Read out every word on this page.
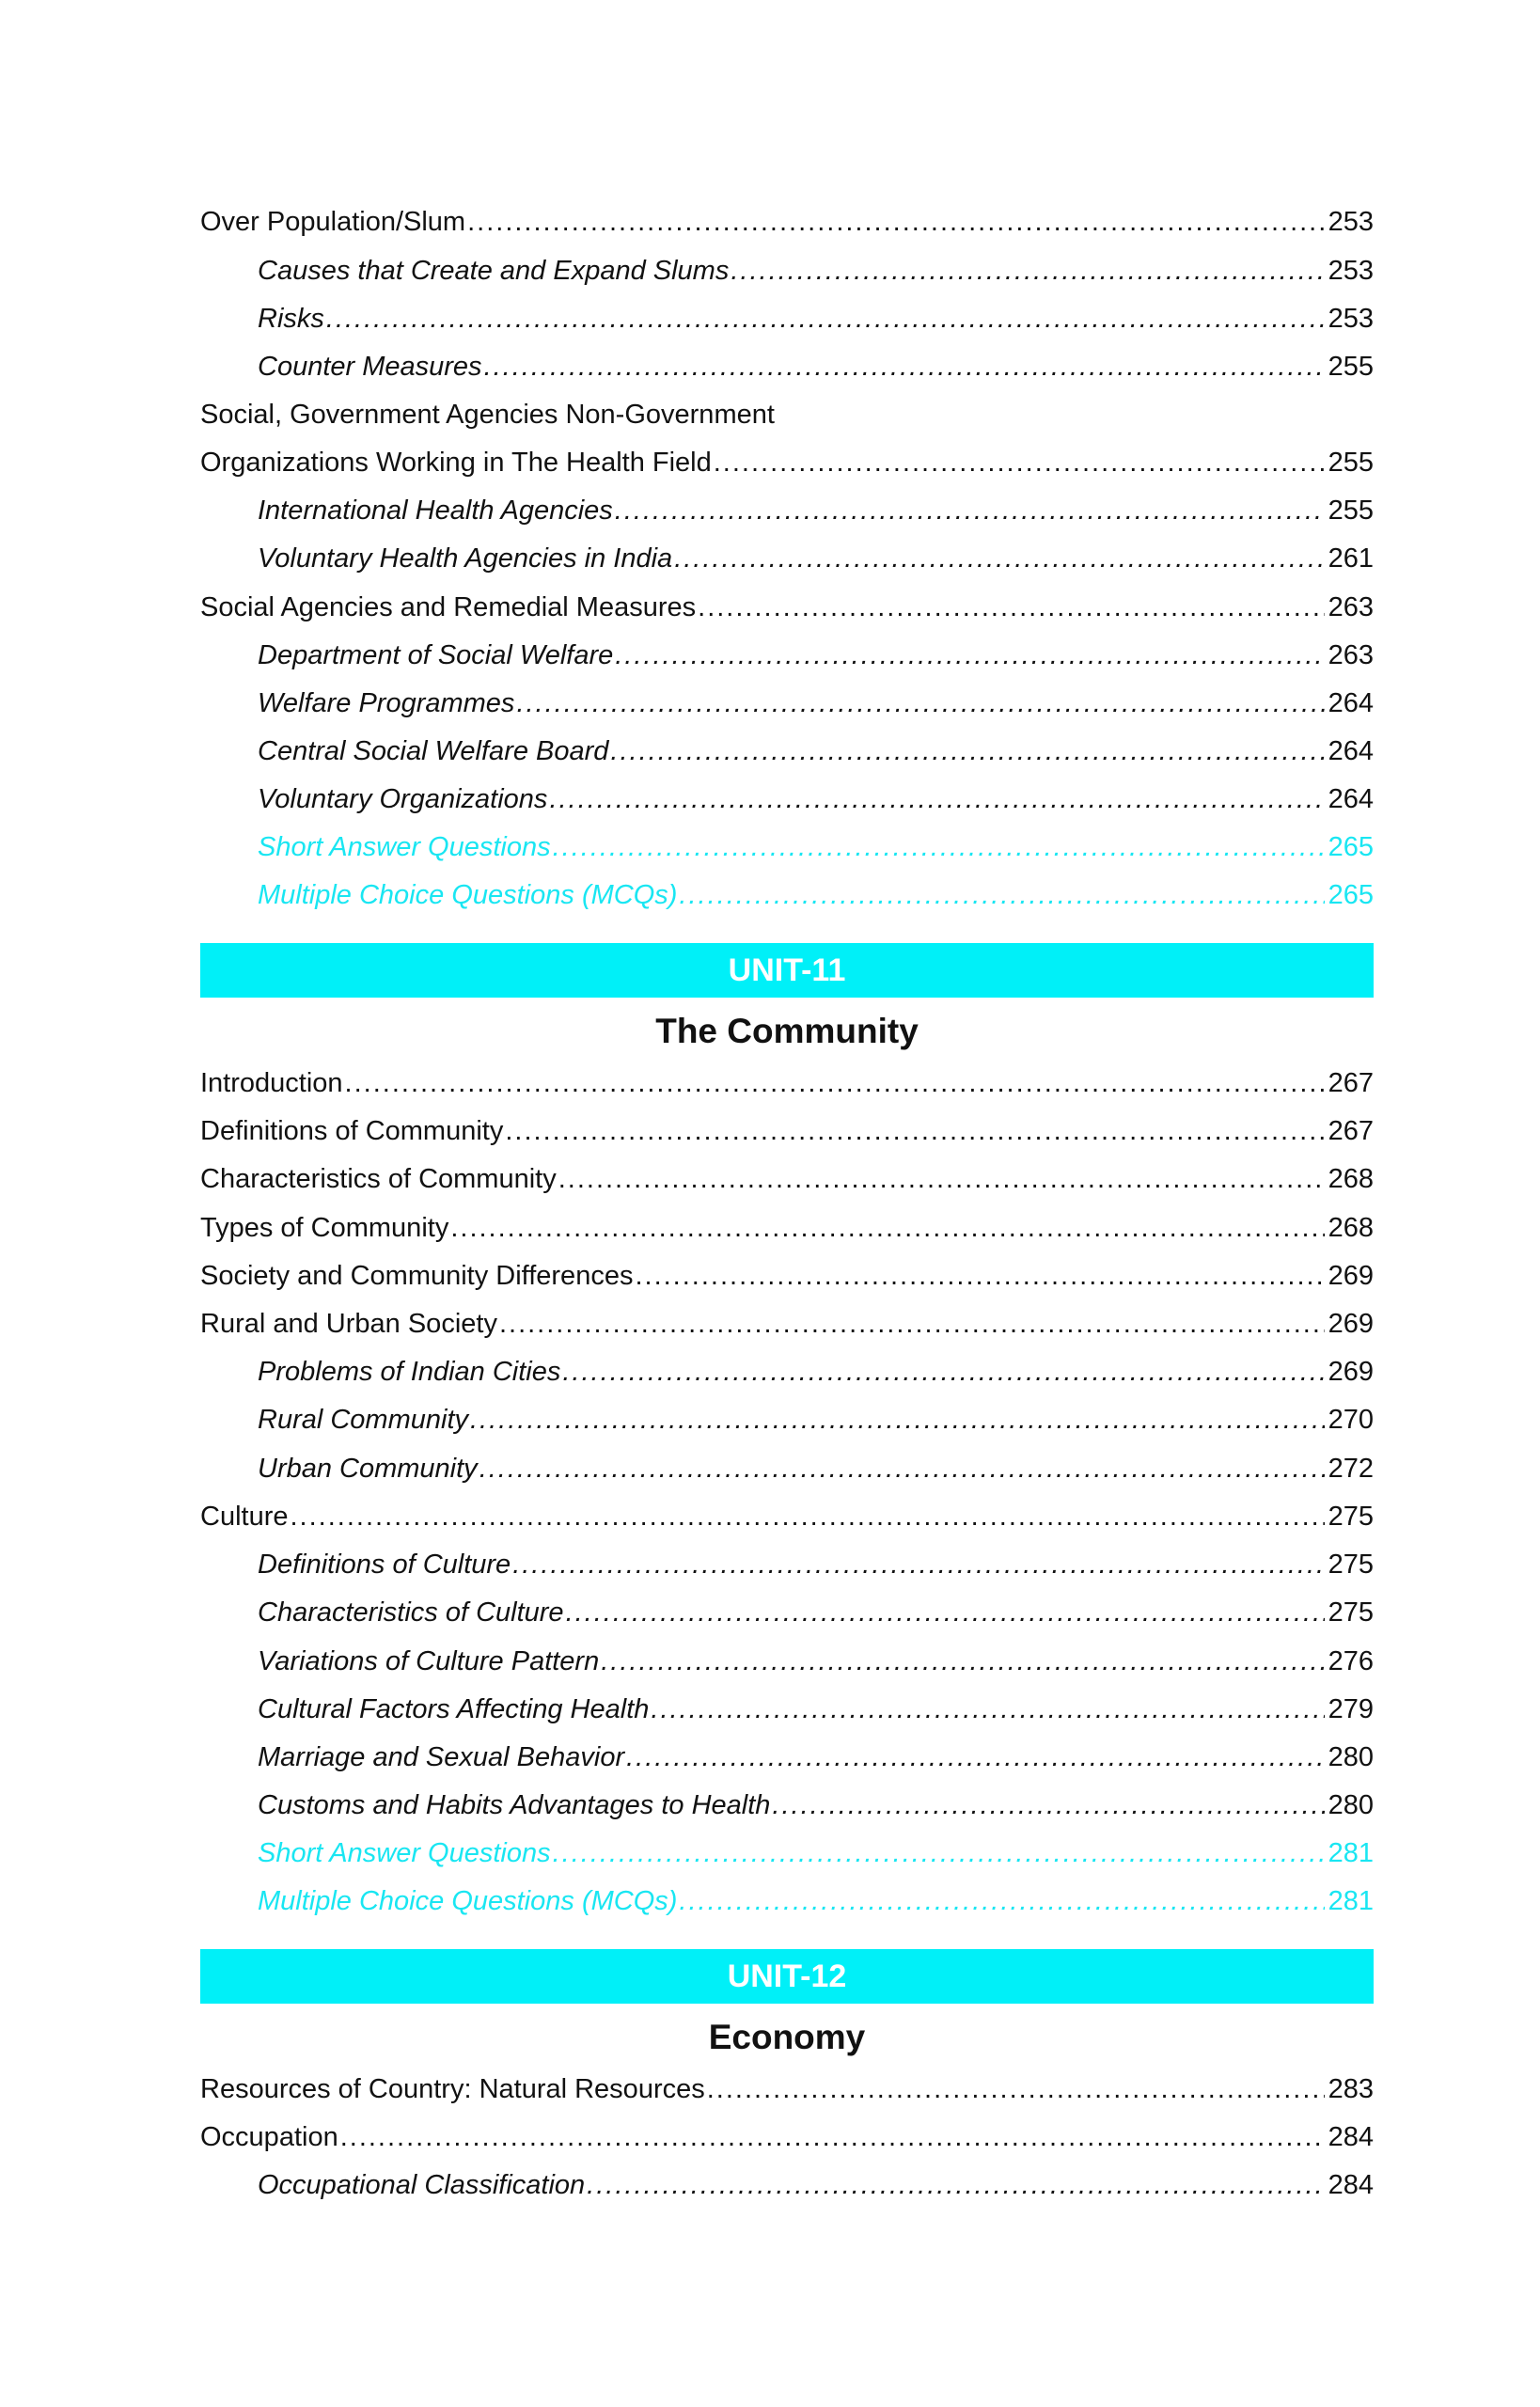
Over Population/Slum .....	253
Causes that Create and Expand Slums .....	253
Risks .....	253
Counter Measures .....	255
Social, Government Agencies Non-Government
Organizations Working in The Health Field .....	255
International Health Agencies .....	255
Voluntary Health Agencies in India .....	261
Social Agencies and Remedial Measures .....	263
Department of Social Welfare .....	263
Welfare Programmes .....	264
Central Social Welfare Board .....	264
Voluntary Organizations .....	264
Short Answer Questions .....	265
Multiple Choice Questions (MCQs) .....	265
UNIT-11
The Community
Introduction .....	267
Definitions of Community .....	267
Characteristics of Community .....	268
Types of Community .....	268
Society and Community Differences .....	269
Rural and Urban Society .....	269
Problems of Indian Cities .....	269
Rural Community .....	270
Urban Community .....	272
Culture .....	275
Definitions of Culture .....	275
Characteristics of Culture .....	275
Variations of Culture Pattern .....	276
Cultural Factors Affecting Health .....	279
Marriage and Sexual Behavior .....	280
Customs and Habits Advantages to Health .....	280
Short Answer Questions .....	281
Multiple Choice Questions (MCQs) .....	281
UNIT-12
Economy
Resources of Country: Natural Resources .....	283
Occupation .....	284
Occupational Classification .....	284
